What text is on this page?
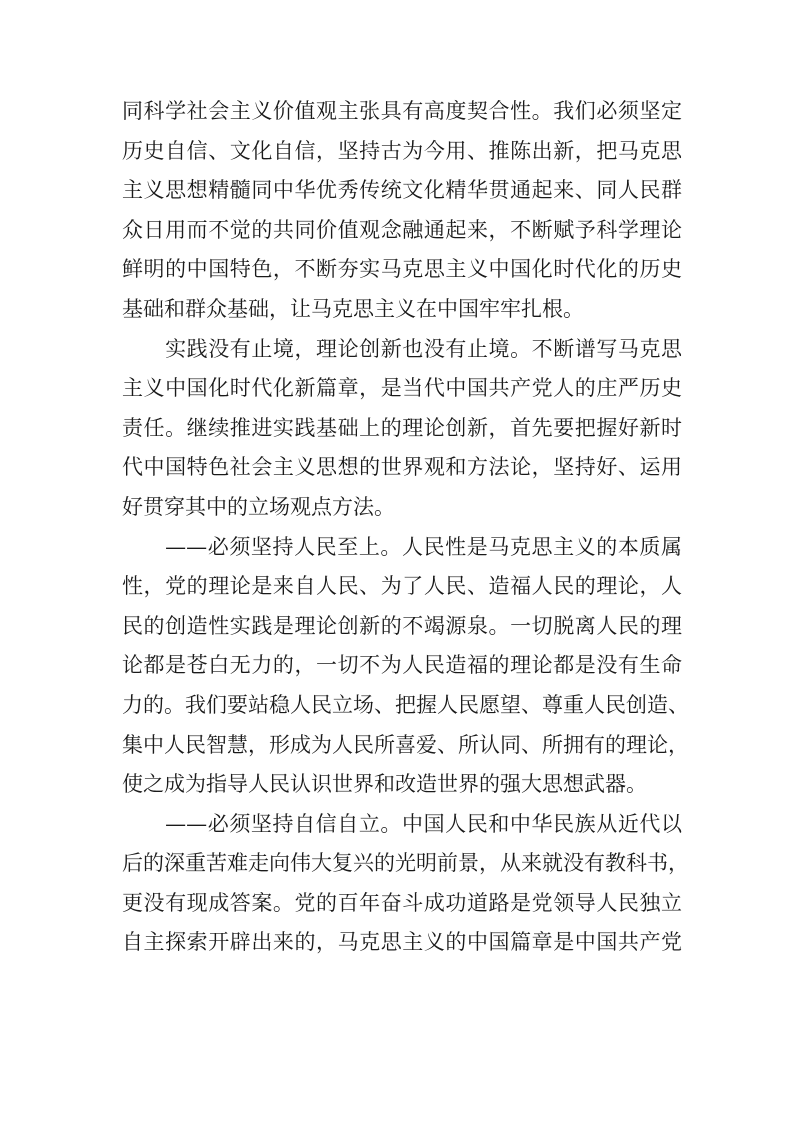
同科学社会主义价值观主张具有高度契合性。我们必须坚定
历史自信、文化自信，坚持古为今用、推陈出新，把马克思
主义思想精髓同中华优秀传统文化精华贯通起来、同人民群
众日用而不觉的共同价值观念融通起来，不断赋予科学理论
鲜明的中国特色，不断夯实马克思主义中国化时代化的历史
基础和群众基础，让马克思主义在中国牢牢扎根。
　　实践没有止境，理论创新也没有止境。不断谱写马克思
主义中国化时代化新篇章，是当代中国共产党人的庄严历史
责任。继续推进实践基础上的理论创新，首先要把握好新时
代中国特色社会主义思想的世界观和方法论，坚持好、运用
好贯穿其中的立场观点方法。
　　——必须坚持人民至上。人民性是马克思主义的本质属
性，党的理论是来自人民、为了人民、造福人民的理论，人
民的创造性实践是理论创新的不竭源泉。一切脱离人民的理
论都是苍白无力的，一切不为人民造福的理论都是没有生命
力的。我们要站稳人民立场、把握人民愿望、尊重人民创造、
集中人民智慧，形成为人民所喜爱、所认同、所拥有的理论，
使之成为指导人民认识世界和改造世界的强大思想武器。
　　——必须坚持自信自立。中国人民和中华民族从近代以
后的深重苦难走向伟大复兴的光明前景，从来就没有教科书，
更没有现成答案。党的百年奋斗成功道路是党领导人民独立
自主探索开辟出来的，马克思主义的中国篇章是中国共产党
